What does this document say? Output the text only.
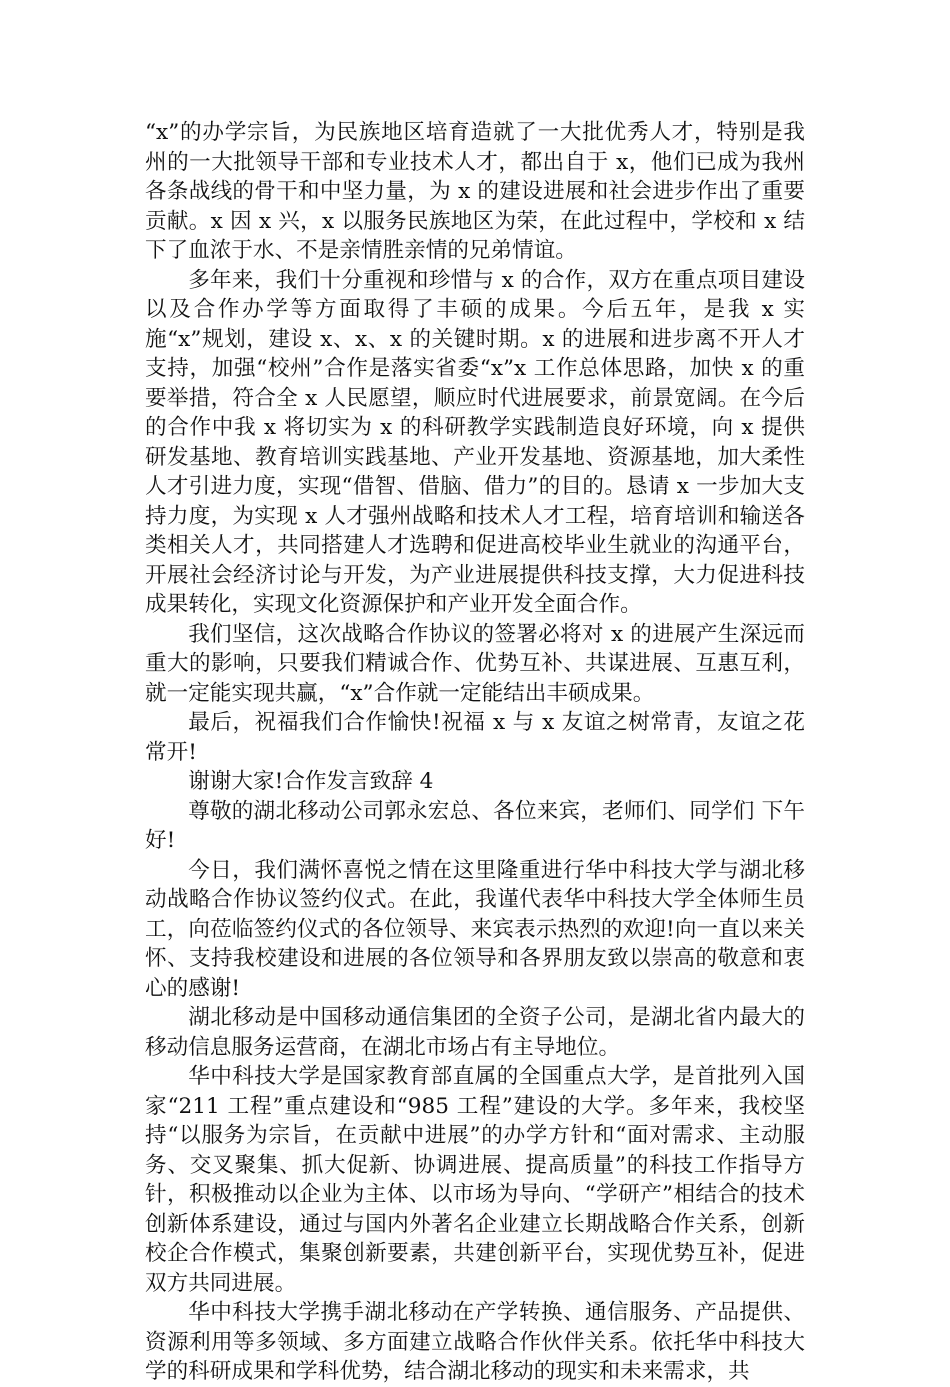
“x”的办学宗旨，为民族地区培育造就了一大批优秀人才，特别是我州的一大批领导干部和专业技术人才，都出自于 x，他们已成为我州各条战线的骨干和中坚力量，为 x 的建设进展和社会进步作出了重要贡献。x 因 x 兴，x 以服务民族地区为荣，在此过程中，学校和 x 结下了血浓于水、不是亲情胜亲情的兄弟情谊。

多年来，我们十分重视和珍惜与 x 的合作，双方在重点项目建设以及合作办学等方面取得了丰硕的成果。今后五年，是我 x 实施“x”规划，建设 x、x、x 的关键时期。x 的进展和进步离不开人才支持，加强“校州”合作是落实省委“x”x 工作总体思路，加快 x 的重要举措，符合全 x 人民愿望，顺应时代进展要求，前景宽阔。在今后的合作中我 x 将切实为 x 的科研教学实践制造良好环境，向 x 提供研发基地、教育培训实践基地、产业开发基地、资源基地，加大柔性人才引进力度，实现“借智、借脑、借力”的目的。恳请 x 一步加大支持力度，为实现 x 人才强州战略和技术人才工程，培育培训和输送各类相关人才，共同搭建人才选聘和促进高校毕业生就业的沟通平台，开展社会经济讨论与开发，为产业进展提供科技支撑，大力促进科技成果转化，实现文化资源保护和产业开发全面合作。

我们坚信，这次战略合作协议的签署必将对 x 的进展产生深远而重大的影响，只要我们精诚合作、优势互补、共谋进展、互惠互利，就一定能实现共赢，“x”合作就一定能结出丰硕成果。

最后，祝福我们合作愉快!祝福 x 与 x 友谊之树常青，友谊之花常开!

谢谢大家!合作发言致辞 4

尊敬的湖北移动公司郭永宏总、各位来宾，老师们、同学们 下午好!

今日，我们满怀喜悦之情在这里隆重进行华中科技大学与湖北移动战略合作协议签约仪式。在此，我谨代表华中科技大学全体师生员工，向莅临签约仪式的各位领导、来宾表示热烈的欢迎!向一直以来关怀、支持我校建设和进展的各位领导和各界朋友致以崇高的敬意和衷心的感谢!

湖北移动是中国移动通信集团的全资子公司，是湖北省内最大的移动信息服务运营商，在湖北市场占有主导地位。

华中科技大学是国家教育部直属的全国重点大学，是首批列入国家“211 工程”重点建设和“985 工程”建设的大学。多年来，我校坚持“以服务为宗旨，在贡献中进展”的办学方针和“面对需求、主动服务、交叉聚集、抓大促新、协调进展、提高质量”的科技工作指导方针，积极推动以企业为主体、以市场为导向、“学研产”相结合的技术创新体系建设，通过与国内外著名企业建立长期战略合作关系，创新校企合作模式，集聚创新要素，共建创新平台，实现优势互补，促进双方共同进展。

华中科技大学携手湖北移动在产学转换、通信服务、产品提供、资源利用等多领域、多方面建立战略合作伙伴关系。依托华中科技大学的科研成果和学科优势，结合湖北移动的现实和未来需求，共
